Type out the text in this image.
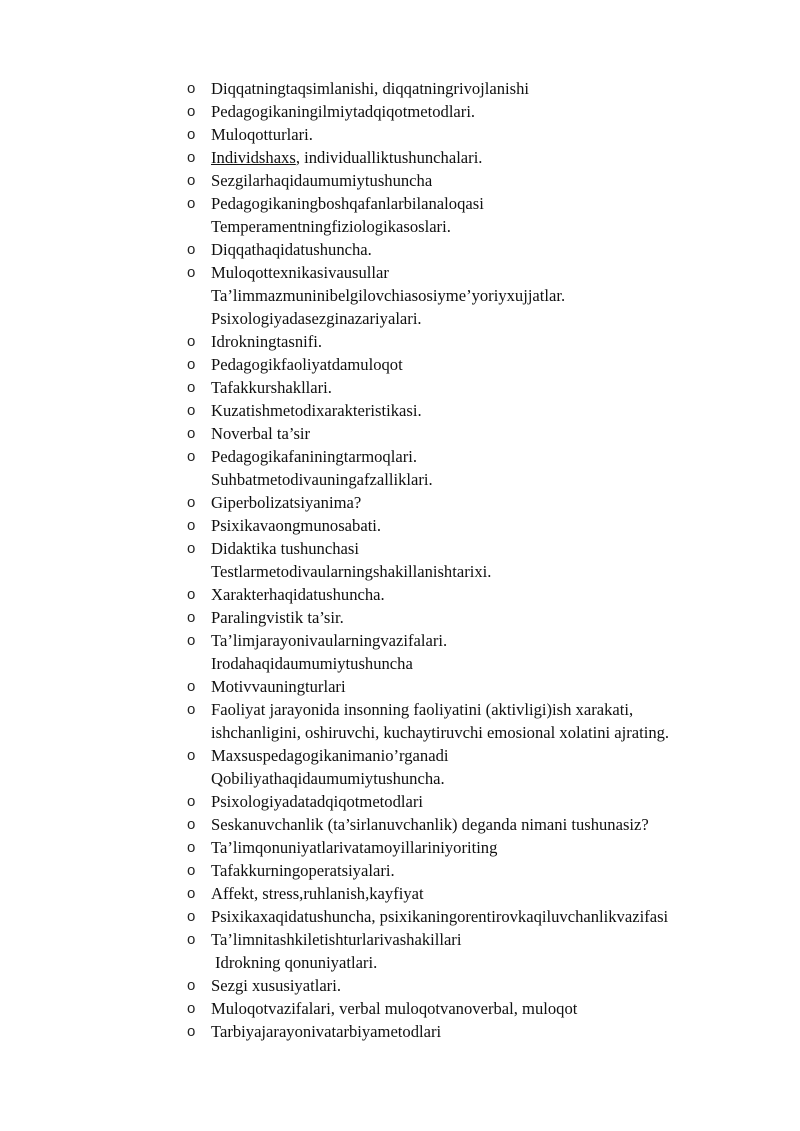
o Diqqatningtaqsimlanishi, diqqatningrivojlanishi
o Pedagogikaningilmiytadqiqotmetodlari.
o Muloqotturlari.
o Individshaxs, individualliktushunchalari.
o Sezgilarhaqidaumumiytushuncha
o Pedagogikaningboshqafanlarbilanaloqasi
Temperamentningfiziologikasoslari.
o Diqqathaqidatushuncha.
o Muloqottexnikasivausullar
Ta’limmazmuninibelgilovchiasosiyme’yoriyxujjatlar.
Psixologiyadasezginazariyalari.
o Idrokningtasnifi.
o Pedagogikfaoliyatdamuloqot
o Tafakkurshakllari.
o Kuzatishmetodixarakteristikasi.
o Noverbal ta’sir
o Pedagogikafaniningtarmoqlari.
Suhbatmetodivauningafzalliklari.
o Giperbolizatsiyanima?
o Psixikavaongmunosabati.
o Didaktika tushunchasi
Testlarmetodivaularningshakillanishtarixi.
o Xarakterhaqidatushuncha.
o Paralingvistik ta’sir.
o Ta’limjarayonivaularningvazifalari.
Irodahaqidaumumiytushuncha
o Motivvauningturlari
o Faoliyat jarayonida insonning faoliyatini (aktivligi)ish xarakati,
ishchanligini, oshiruvchi, kuchaytiruvchi emosional xolatini ajrating.
o Maxsuspedagogikanimanio’rganadi
Qobiliyathaqidaumumiytushuncha.
o Psixologiyadatadqiqotmetodlari
o Seskanuvchanlik (ta’sirlanuvchanlik) deganda nimani tushunasiz?
o Ta’limqonuniyatlarivatamoyillariniyoriting
o Tafakkurningoperatsiyalari.
o Affekt, stress,ruhlanish,kayfiyat
o Psixikaxaqidatushuncha, psixikaningorentirovkaqiluvchanlikvazifasi
o Ta’limnitashkiletishturlarivashakillari
Idrokning qonuniyatlari.
o Sezgi xususiyatlari.
o Muloqotvazifalari, verbal muloqotvanoverbal, muloqot
o Tarbiyajarayonivatarbiyametodlari
